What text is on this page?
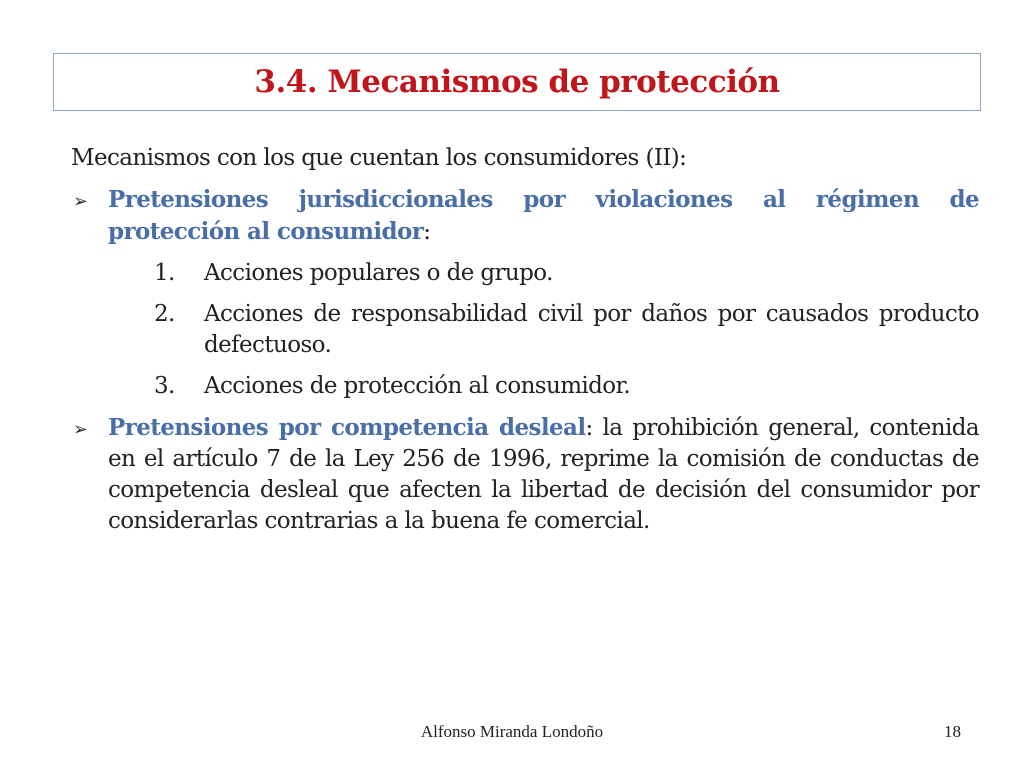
3.4. Mecanismos de protección

Mecanismos con los que cuentan los consumidores (II):

➢ Pretensiones jurisdiccionales por violaciones al régimen de protección al consumidor:

1. Acciones populares o de grupo.
2. Acciones de responsabilidad civil por daños por causados producto defectuoso.
3. Acciones de protección al consumidor.

➢ Pretensiones por competencia desleal: la prohibición general, contenida en el artículo 7 de la Ley 256 de 1996, reprime la comisión de conductas de competencia desleal que afecten la libertad de decisión del consumidor por considerarlas contrarias a la buena fe comercial.

Alfonso Miranda Londoño	18
